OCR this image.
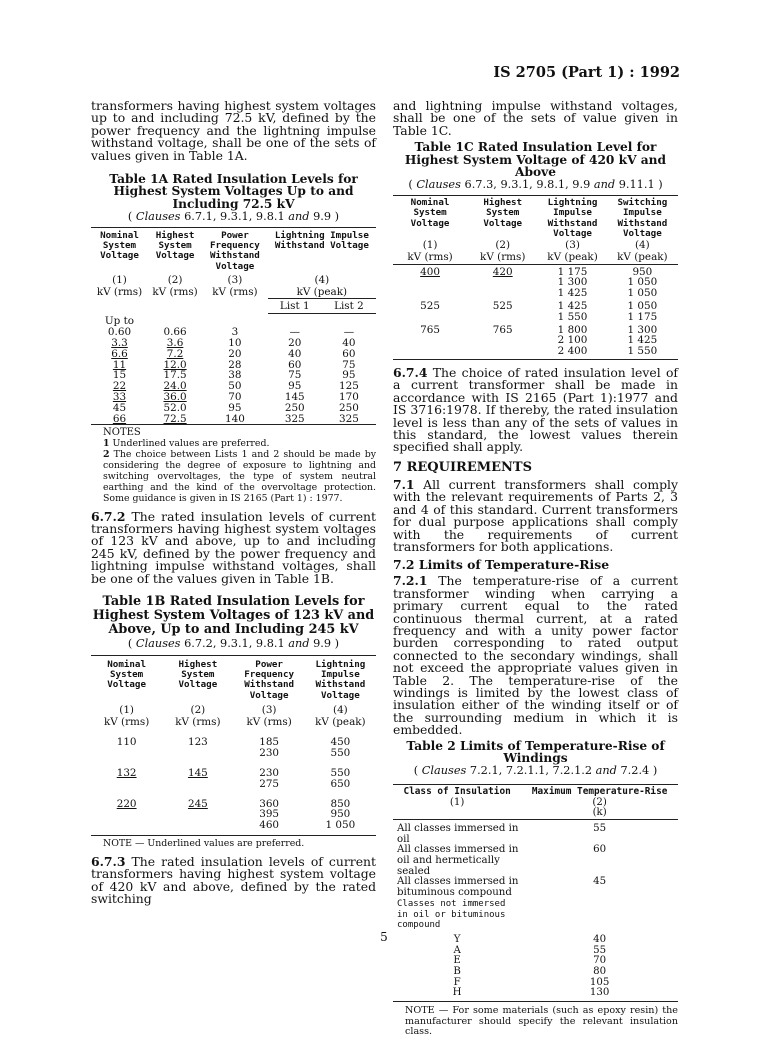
IS 2705 (Part 1) : 1992

transformers having highest system voltages up to and including 72.5 kV, defined by the power frequency and the lightning impulse withstand voltage, shall be one of the sets of values given in Table 1A.

Table 1A Rated Insulation Levels for Highest System Voltages Up to and Including 72.5 kV
( Clauses 6.7.1, 9.3.1, 9.8.1 and 9.9 )
Nominal System Voltage	Highest System Voltage	Power Frequency Withstand Voltage	Lightning Impulse Withstand Voltage	
(1)	(2)	(3)	(4)	
kV (rms)	kV (rms)	kV (rms)	kV (peak)	
			List 1	List 2
Up to				
0.60	0.66	3	—	—
3.3	3.6	10	20	40
6.6	7.2	20	40	60
11	12.0	28	60	75
15	17.5	38	75	95
22	24.0	50	95	125
33	36.0	70	145	170
45	52.0	95	250	250
66	72.5	140	325	325
NOTES
1 Underlined values are preferred.
2 The choice between Lists 1 and 2 should be made by considering the degree of exposure to lightning and switching overvoltages, the type of system neutral earthing and the kind of the overvoltage protection. Some guidance is given in IS 2165 (Part 1) : 1977.

6.7.2 The rated insulation levels of current transformers having highest system voltages of 123 kV and above, up to and including 245 kV, defined by the power frequency and lightning impulse withstand voltages, shall be one of the values given in Table 1B.

Table 1B Rated Insulation Levels for Highest System Voltages of 123 kV and Above, Up to and Including 245 kV
( Clauses 6.7.2, 9.3.1, 9.8.1 and 9.9 )
Nominal System Voltage	Highest System Voltage	Power Frequency Withstand Voltage	Lightning Impulse Withstand Voltage
(1)	(2)	(3)	(4)
kV (rms)	kV (rms)	kV (rms)	kV (peak)
110	123	185	450
		230	550
132	145	230	550
		275	650
220	245	360	850
		395	950
		460	1 050
NOTE — Underlined values are preferred.

6.7.3 The rated insulation levels of current transformers having highest system voltage of 420 kV and above, defined by the rated switching

and lightning impulse withstand voltages, shall be one of the sets of value given in Table 1C.

Table 1C Rated Insulation Level for Highest System Voltage of 420 kV and Above
( Clauses 6.7.3, 9.3.1, 9.8.1, 9.9 and 9.11.1 )
Nominal System Voltage	Highest System Voltage	Lightning Impulse Withstand Voltage	Switching Impulse Withstand Voltage
(1)	(2)	(3)	(4)
kV (rms)	kV (rms)	kV (peak)	kV (peak)
400	420	1 175	950
		1 300	1 050
		1 425	1 050
525	525	1 425	1 050
		1 550	1 175
765	765	1 800	1 300
		2 100	1 425
		2 400	1 550

6.7.4 The choice of rated insulation level of a current transformer shall be made in accordance with IS 2165 (Part 1):1977 and IS 3716:1978. If thereby, the rated insulation level is less than any of the sets of values in this standard, the lowest values therein specified shall apply.

7 REQUIREMENTS

7.1 All current transformers shall comply with the relevant requirements of Parts 2, 3 and 4 of this standard. Current transformers for dual purpose applications shall comply with the requirements of current transformers for both applications.

7.2 Limits of Temperature-Rise

7.2.1 The temperature-rise of a current transformer winding when carrying a primary current equal to the rated continuous thermal current, at a rated frequency and with a unity power factor burden corresponding to rated output connected to the secondary windings, shall not exceed the appropriate values given in Table 2. The temperature-rise of the windings is limited by the lowest class of insulation either of the winding itself or of the surrounding medium in which it is embedded.

Table 2 Limits of Temperature-Rise of Windings
( Clauses 7.2.1, 7.2.1.1, 7.2.1.2 and 7.2.4 )
Class of Insulation	Maximum Temperature-Rise
(1)	(2)
	(k)
All classes immersed in oil	55
All classes immersed in oil and hermetically sealed	60
All classes immersed in bituminous compound	45
Classes not immersed in oil or bituminous compound	
Y	40
A	55
E	70
B	80
F	105
H	130
NOTE — For some materials (such as epoxy resin) the manufacturer should specify the relevant insulation class.
5
